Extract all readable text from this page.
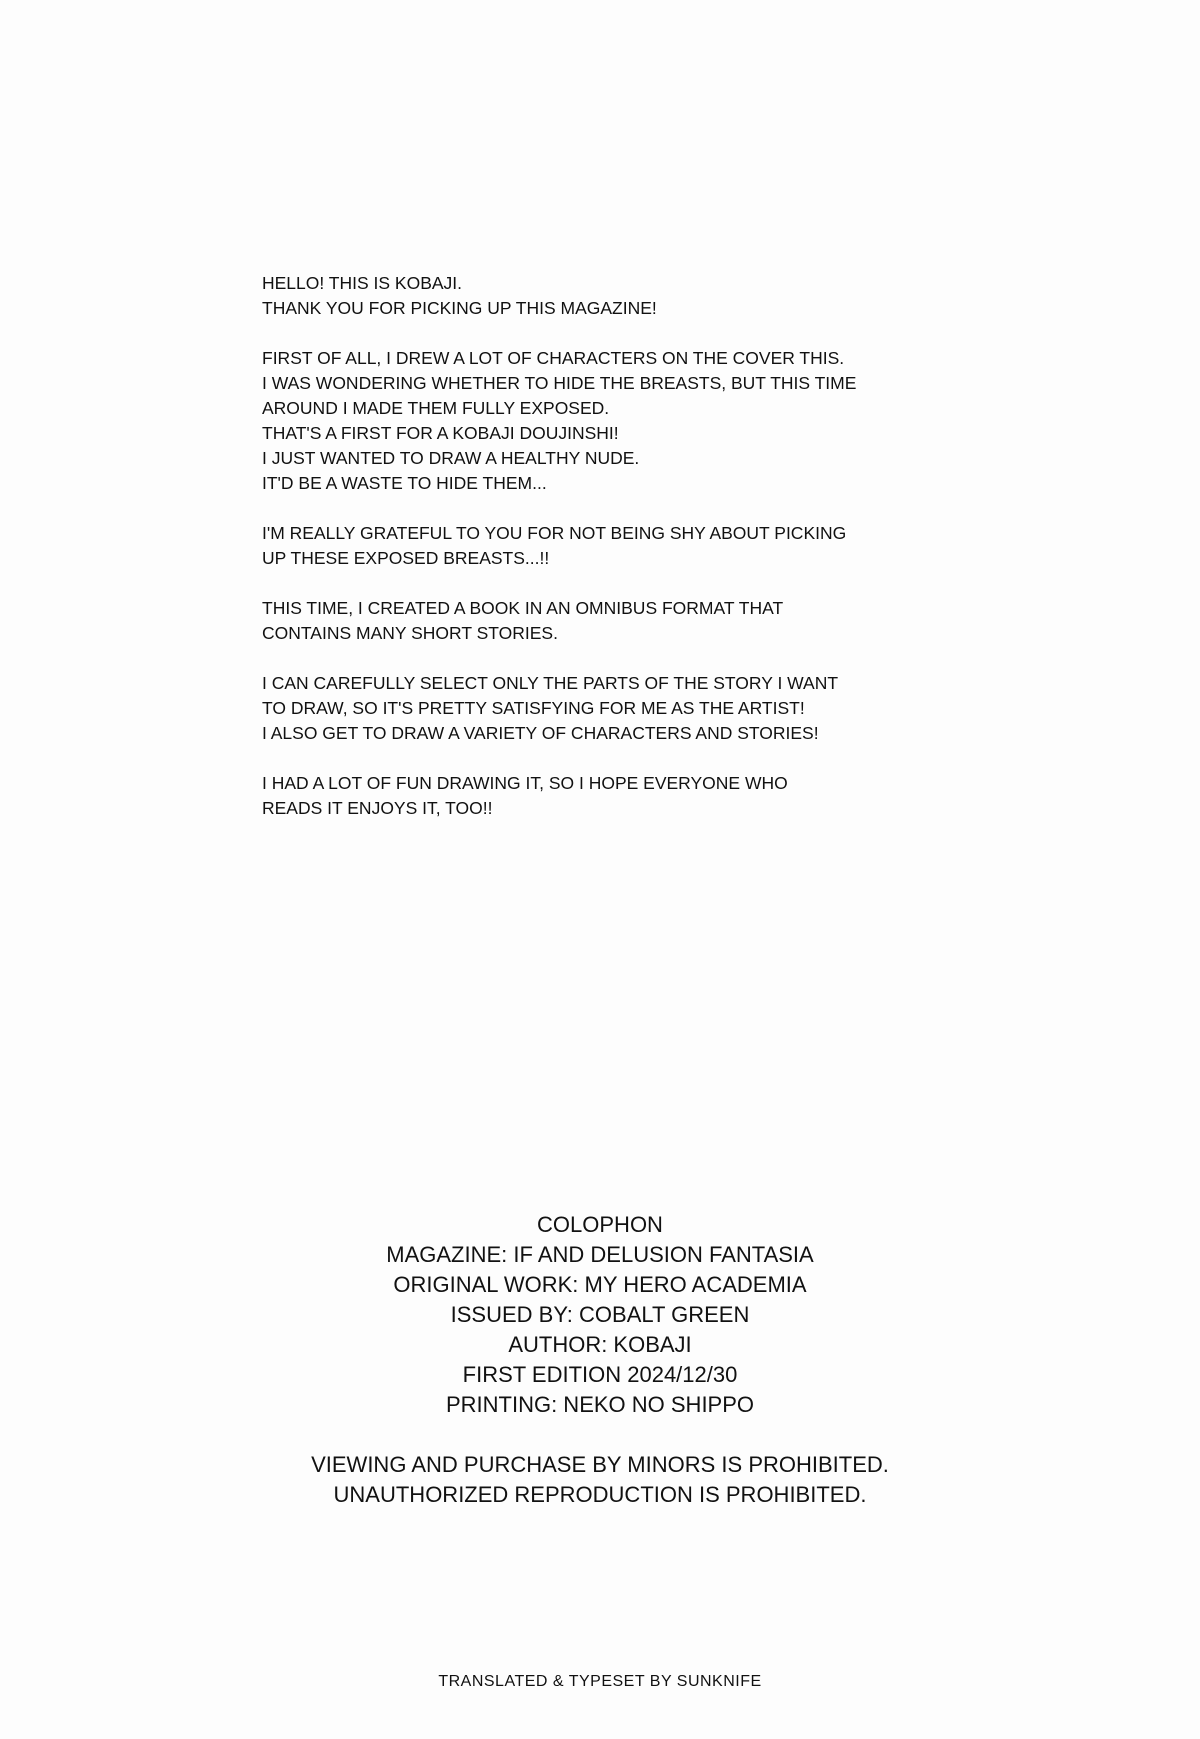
HELLO! THIS IS KOBAJI.
THANK YOU FOR PICKING UP THIS MAGAZINE!

FIRST OF ALL, I DREW A LOT OF CHARACTERS ON THE COVER THIS.
I WAS WONDERING WHETHER TO HIDE THE BREASTS, BUT THIS TIME
AROUND I MADE THEM FULLY EXPOSED.
THAT'S A FIRST FOR A KOBAJI DOUJINSHI!
I JUST WANTED TO DRAW A HEALTHY NUDE.
IT'D BE A WASTE TO HIDE THEM...

I'M REALLY GRATEFUL TO YOU FOR NOT BEING SHY ABOUT PICKING
UP THESE EXPOSED BREASTS...!!

THIS TIME, I CREATED A BOOK IN AN OMNIBUS FORMAT THAT
CONTAINS MANY SHORT STORIES.

I CAN CAREFULLY SELECT ONLY THE PARTS OF THE STORY I WANT
TO DRAW, SO IT'S PRETTY SATISFYING FOR ME AS THE ARTIST!
I ALSO GET TO DRAW A VARIETY OF CHARACTERS AND STORIES!

I HAD A LOT OF FUN DRAWING IT, SO I HOPE EVERYONE WHO
READS IT ENJOYS IT, TOO!!

COLOPHON
MAGAZINE: IF AND DELUSION FANTASIA
ORIGINAL WORK: MY HERO ACADEMIA
ISSUED BY: COBALT GREEN
AUTHOR: KOBAJI
FIRST EDITION 2024/12/30
PRINTING: NEKO NO SHIPPO
VIEWING AND PURCHASE BY MINORS IS PROHIBITED.
UNAUTHORIZED REPRODUCTION IS PROHIBITED.
TRANSLATED & TYPESET BY SUNKNIFE
